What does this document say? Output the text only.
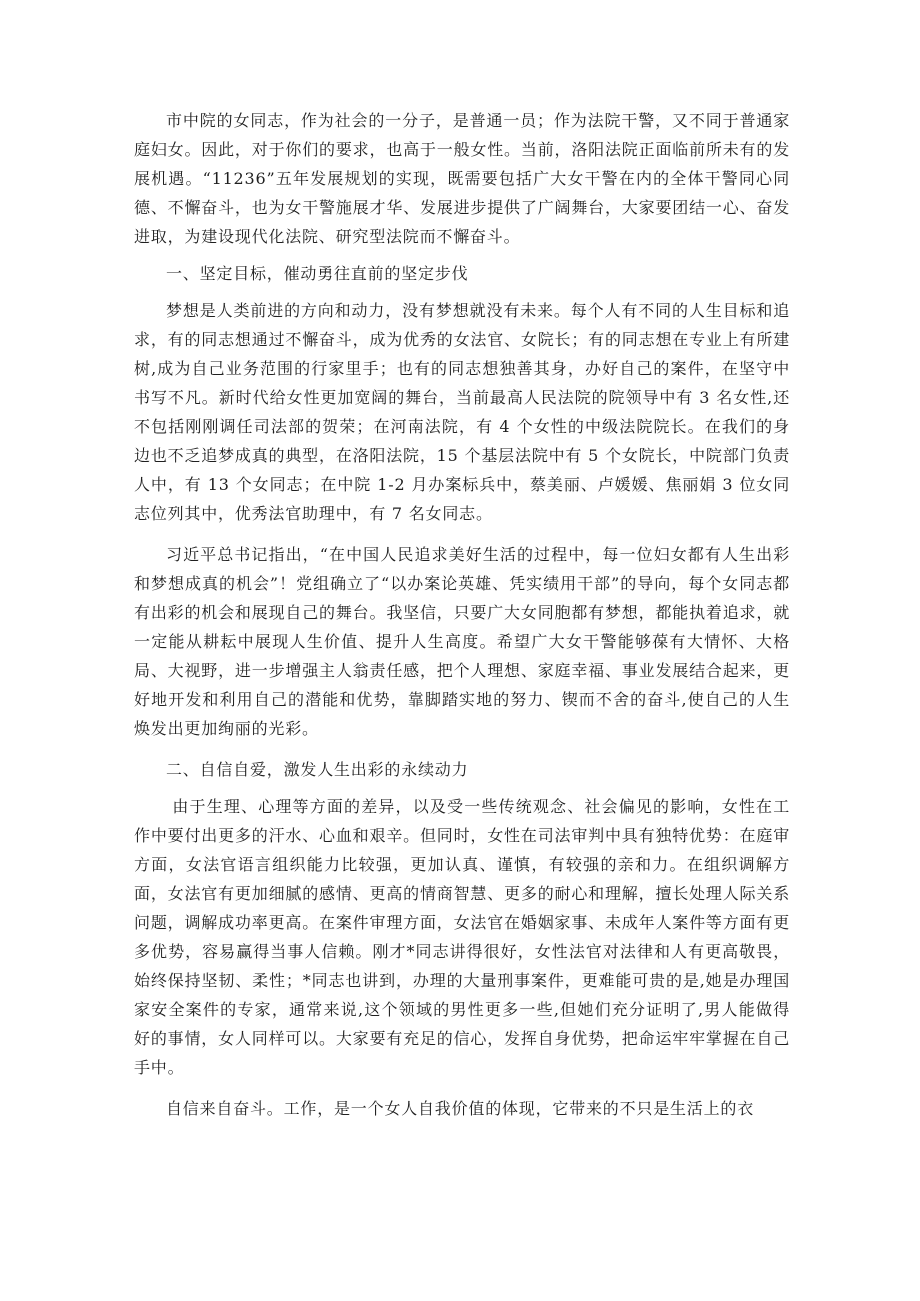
市中院的女同志，作为社会的一分子，是普通一员；作为法院干警，又不同于普通家庭妇女。因此，对于你们的要求，也高于一般女性。当前，洛阳法院正面临前所未有的发展机遇。“11236”五年发展规划的实现，既需要包括广大女干警在内的全体干警同心同德、不懈奋斗，也为女干警施展才华、发展进步提供了广阔舞台，大家要团结一心、奋发进取，为建设现代化法院、研究型法院而不懈奋斗。

一、坚定目标，催动勇往直前的坚定步伐

梦想是人类前进的方向和动力，没有梦想就没有未来。每个人有不同的人生目标和追求，有的同志想通过不懈奋斗，成为优秀的女法官、女院长；有的同志想在专业上有所建树,成为自己业务范围的行家里手；也有的同志想独善其身，办好自己的案件，在坚守中书写不凡。新时代给女性更加宽阔的舞台，当前最高人民法院的院领导中有 3 名女性,还不包括刚刚调任司法部的贺荣；在河南法院，有 4 个女性的中级法院院长。在我们的身边也不乏追梦成真的典型，在洛阳法院，15 个基层法院中有 5 个女院长，中院部门负责人中，有 13 个女同志；在中院 1-2 月办案标兵中，蔡美丽、卢媛媛、焦丽娟 3 位女同志位列其中，优秀法官助理中，有 7 名女同志。

习近平总书记指出，“在中国人民追求美好生活的过程中，每一位妇女都有人生出彩和梦想成真的机会”！党组确立了“以办案论英雄、凭实绩用干部”的导向，每个女同志都有出彩的机会和展现自己的舞台。我坚信，只要广大女同胞都有梦想，都能执着追求，就一定能从耕耘中展现人生价值、提升人生高度。希望广大女干警能够葆有大情怀、大格局、大视野，进一步增强主人翁责任感，把个人理想、家庭幸福、事业发展结合起来，更好地开发和利用自己的潜能和优势，靠脚踏实地的努力、锲而不舍的奋斗,使自己的人生焕发出更加绚丽的光彩。

二、自信自爱，激发人生出彩的永续动力

由于生理、心理等方面的差异，以及受一些传统观念、社会偏见的影响，女性在工作中要付出更多的汗水、心血和艰辛。但同时，女性在司法审判中具有独特优势：在庭审方面，女法官语言组织能力比较强，更加认真、谨慎，有较强的亲和力。在组织调解方面，女法官有更加细腻的感情、更高的情商智慧、更多的耐心和理解，擅长处理人际关系问题，调解成功率更高。在案件审理方面，女法官在婚姻家事、未成年人案件等方面有更多优势，容易赢得当事人信赖。刚才*同志讲得很好，女性法官对法律和人有更高敬畏，始终保持坚韧、柔性；*同志也讲到，办理的大量刑事案件，更难能可贵的是,她是办理国家安全案件的专家，通常来说,这个领域的男性更多一些,但她们充分证明了,男人能做得好的事情，女人同样可以。大家要有充足的信心，发挥自身优势，把命运牢牢掌握在自己手中。

自信来自奋斗。工作，是一个女人自我价值的体现，它带来的不只是生活上的衣
